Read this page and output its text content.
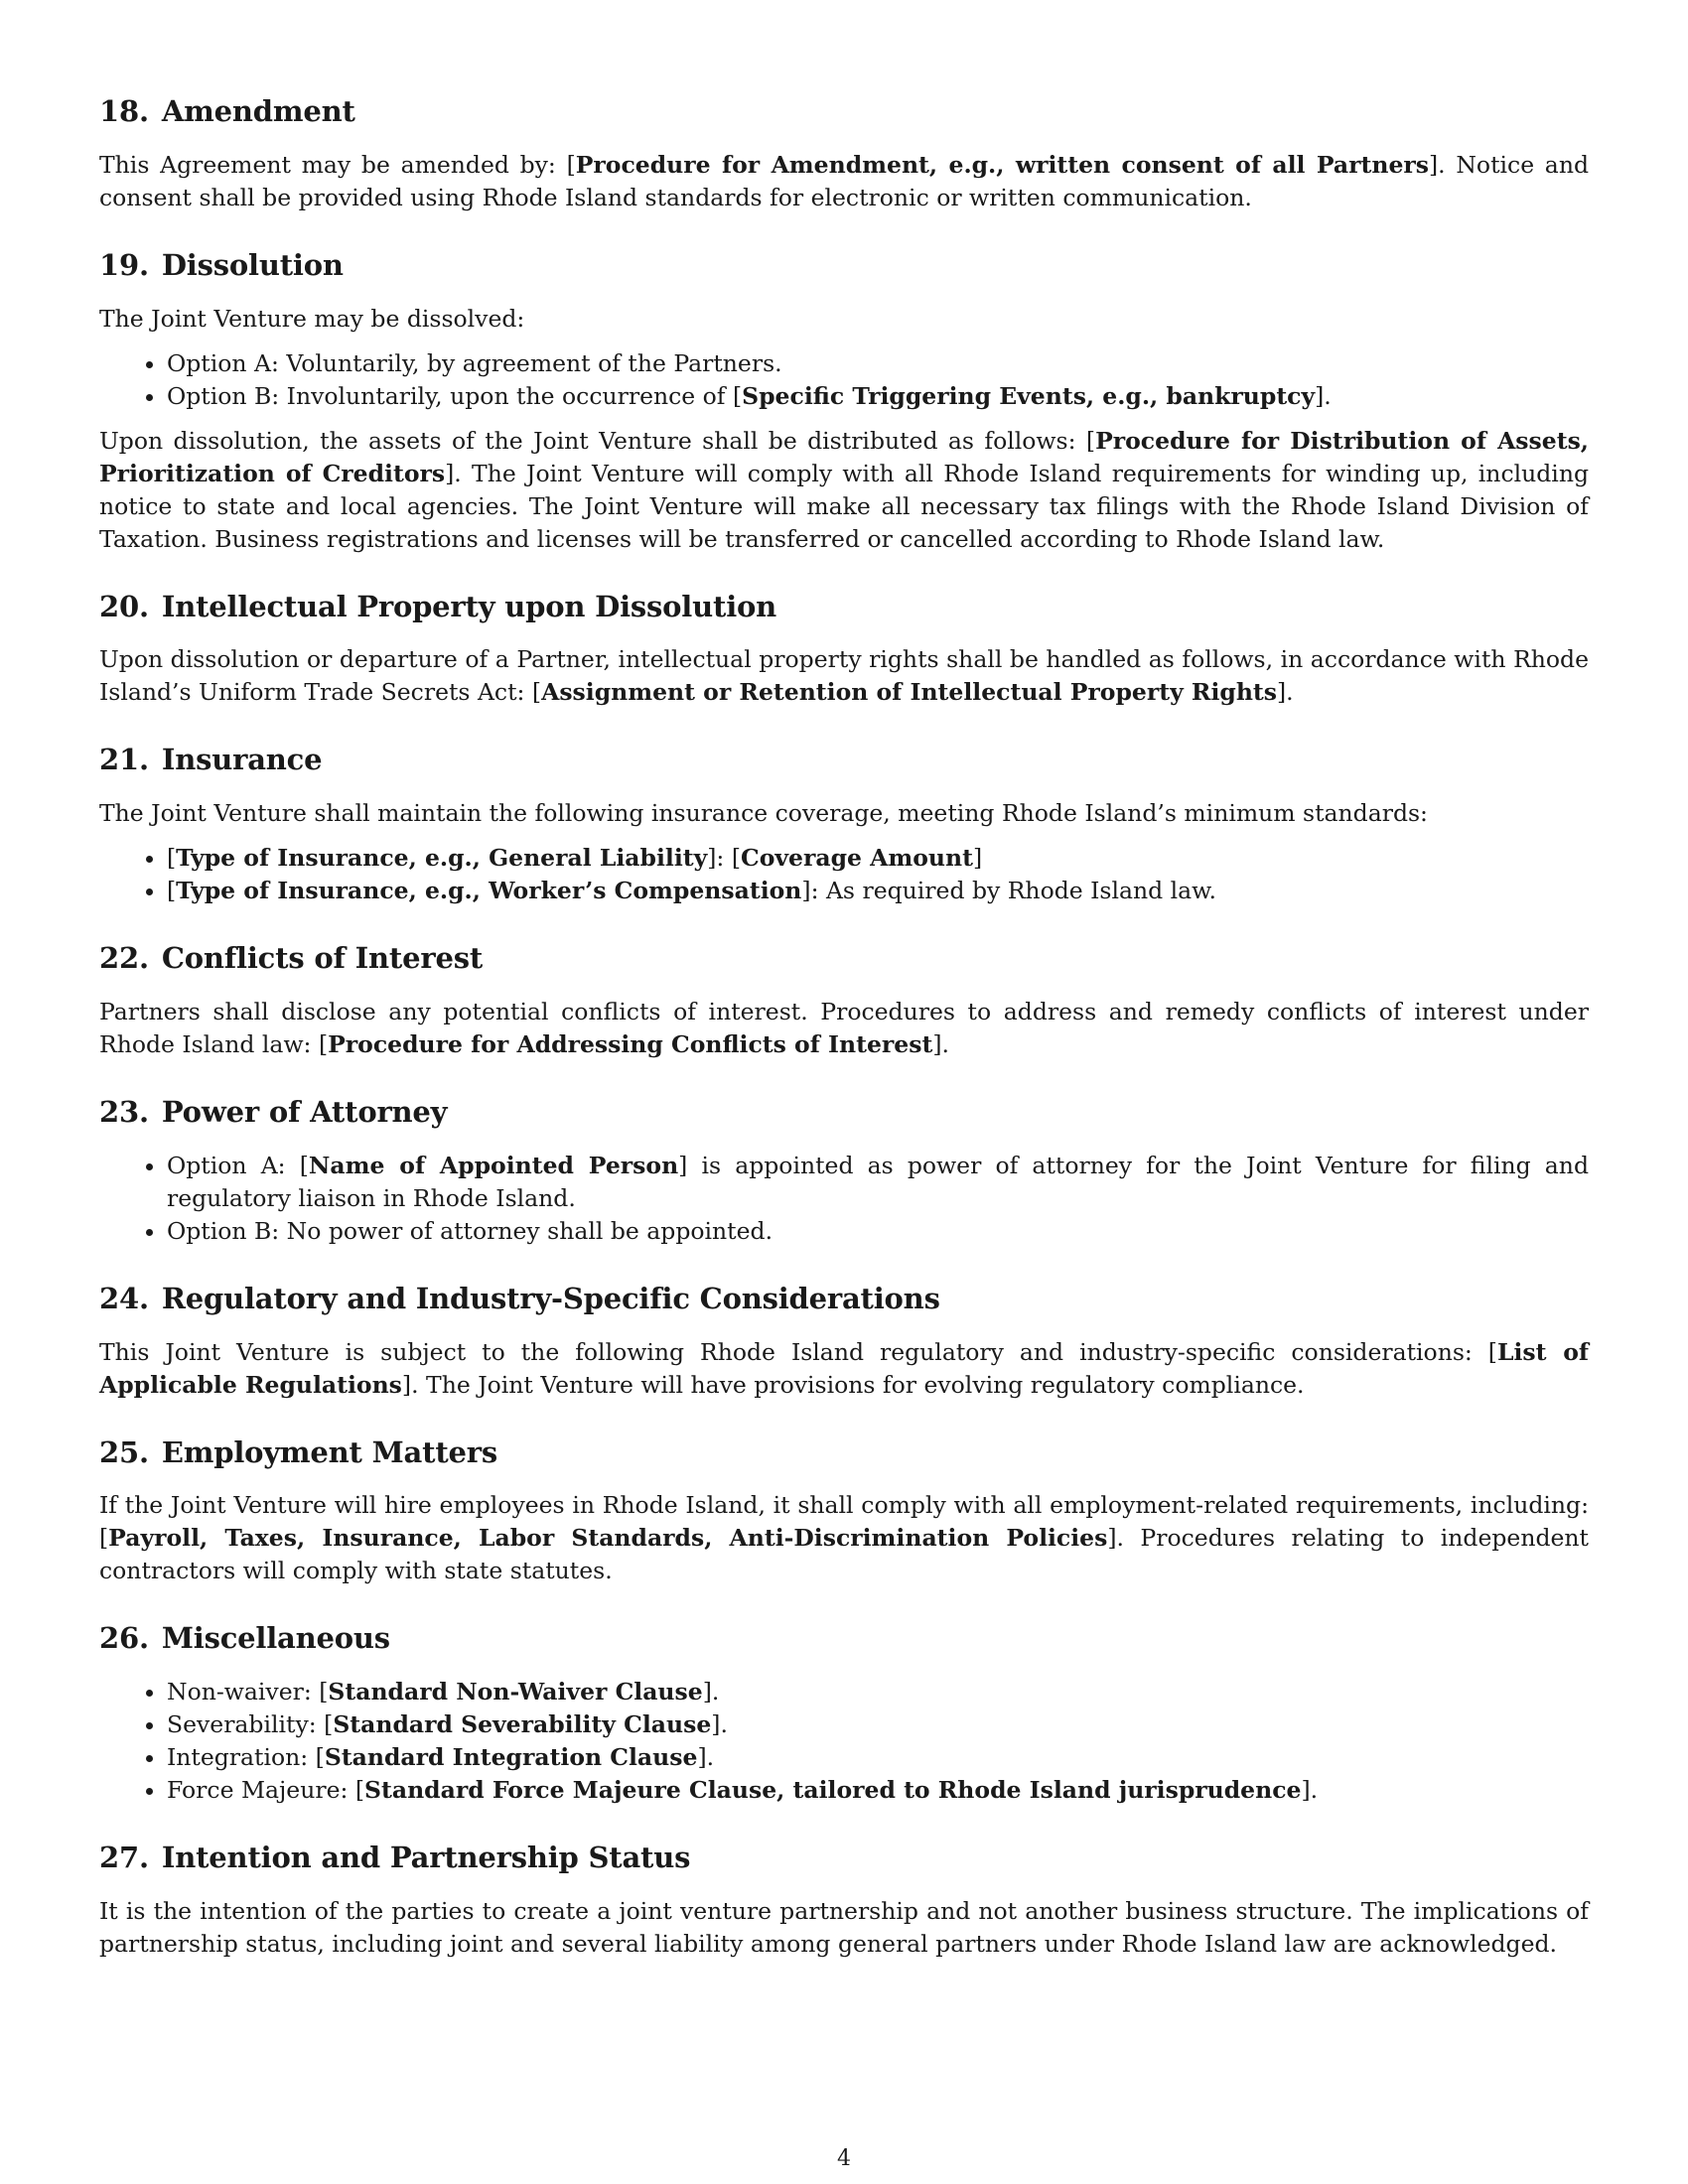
18. Amendment

This Agreement may be amended by: [Procedure for Amendment, e.g., written consent of all Partners]. Notice and consent shall be provided using Rhode Island standards for electronic or written communication.

19. Dissolution

The Joint Venture may be dissolved:

• Option A: Voluntarily, by agreement of the Partners.
• Option B: Involuntarily, upon the occurrence of [Specific Triggering Events, e.g., bankruptcy].

Upon dissolution, the assets of the Joint Venture shall be distributed as follows: [Procedure for Distribution of Assets, Prioritization of Creditors]. The Joint Venture will comply with all Rhode Island requirements for winding up, including notice to state and local agencies. The Joint Venture will make all necessary tax filings with the Rhode Island Division of Taxation. Business registrations and licenses will be transferred or cancelled according to Rhode Island law.

20. Intellectual Property upon Dissolution

Upon dissolution or departure of a Partner, intellectual property rights shall be handled as follows, in accordance with Rhode Island’s Uniform Trade Secrets Act: [Assignment or Retention of Intellectual Property Rights].

21. Insurance

The Joint Venture shall maintain the following insurance coverage, meeting Rhode Island’s minimum standards:

• [Type of Insurance, e.g., General Liability]: [Coverage Amount]
• [Type of Insurance, e.g., Worker’s Compensation]: As required by Rhode Island law.
22. Conflicts of Interest

Partners shall disclose any potential conflicts of interest. Procedures to address and remedy conflicts of interest under Rhode Island law: [Procedure for Addressing Conflicts of Interest].

23. Power of Attorney
• Option A: [Name of Appointed Person] is appointed as power of attorney for the Joint Venture for filing and regulatory liaison in Rhode Island.
• Option B: No power of attorney shall be appointed.
24. Regulatory and Industry-Specific Considerations

This Joint Venture is subject to the following Rhode Island regulatory and industry-specific considerations: [List of Applicable Regulations]. The Joint Venture will have provisions for evolving regulatory compliance.

25. Employment Matters

If the Joint Venture will hire employees in Rhode Island, it shall comply with all employment-related requirements, including: [Payroll, Taxes, Insurance, Labor Standards, Anti-Discrimination Policies]. Procedures relating to independent contractors will comply with state statutes.

26. Miscellaneous
• Non-waiver: [Standard Non-Waiver Clause].
• Severability: [Standard Severability Clause].
• Integration: [Standard Integration Clause].
• Force Majeure: [Standard Force Majeure Clause, tailored to Rhode Island jurisprudence].
27. Intention and Partnership Status

It is the intention of the parties to create a joint venture partnership and not another business structure. The implications of partnership status, including joint and several liability among general partners under Rhode Island law are acknowledged.

4
